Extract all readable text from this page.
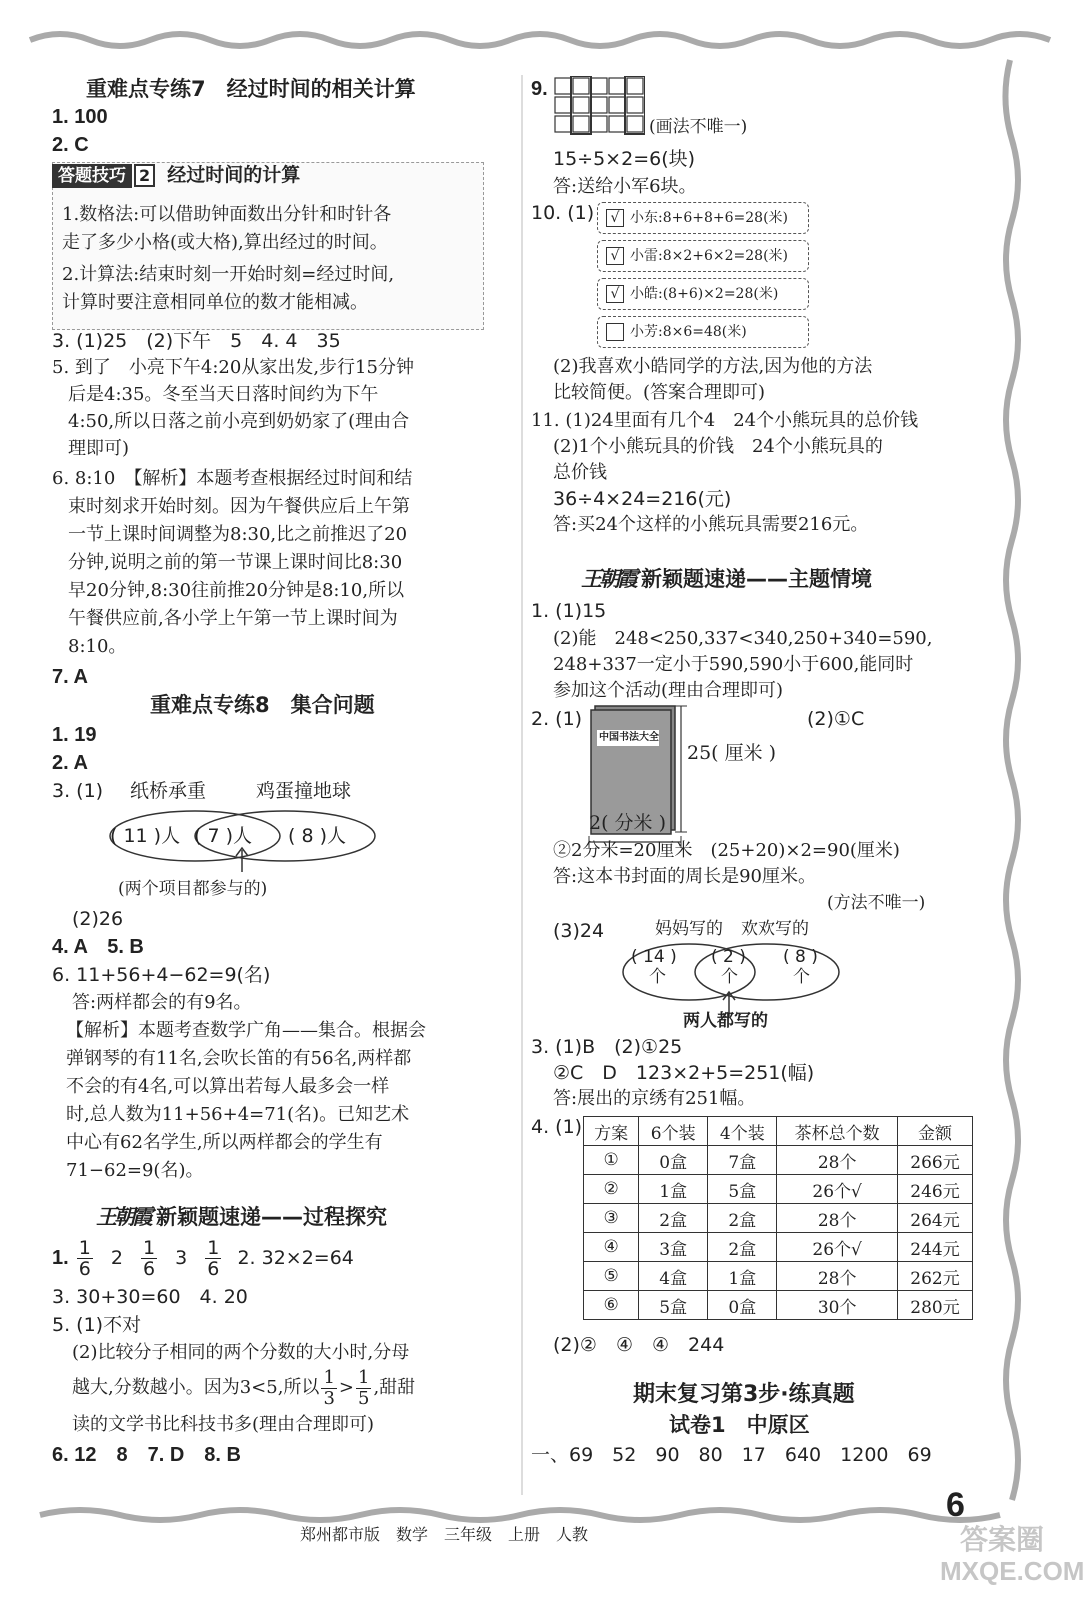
重难点专练7　经过时间的相关计算
1. 100
2. C
答题技巧 2 经过时间的计算
1.数格法:可以借助钟面数出分针和时针各
走了多少小格(或大格),算出经过的时间。
2.计算法:结束时刻一开始时刻=经过时间,
计算时要注意相同单位的数才能相减。
3. (1)25　(2)下午　5　4. 4　35
5. 到了　小亮下午4:20从家出发,步行15分钟
后是4:35。冬至当天日落时间约为下午
4:50,所以日落之前小亮到奶奶家了(理由合
理即可)
6. 8:10　【解析】本题考查根据经过时间和结
束时刻求开始时刻。因为午餐供应后上午第
一节上课时间调整为8:30,比之前推迟了20
分钟,说明之前的第一节课上课时间比8:30
早20分钟,8:30往前推20分钟是8:10,所以
午餐供应前,各小学上午第一节上课时间为
8:10。
7. A
重难点专练8　集合问题
1. 19
2. A
3. (1) 纸桥承重	鸡蛋撞地球
( 11 )人 ( 7 )人 ( 8 )人
(两个项目都参与的)
(2)26
4. A　5. B
6. 11+56+4−62=9(名)
答:两样都会的有9名。
【解析】本题考查数学广角——集合。根据会
弹钢琴的有11名,会吹长笛的有56名,两样都
不会的有4名,可以算出若每人最多会一样
时,总人数为11+56+4=71(名)。已知艺术
中心有62名学生,所以两样都会的学生有
71−62=9(名)。
王朝霞 新颖题速递——过程探究
1. $\frac{1}{6} 2 \frac{1}{6} 3 \frac{1}{6} 2$. 32×2=64
3. 30+30=60　4. 20
5. (1)不对
(2)比较分子相同的两个分数的大小时,分母
越大,分数越小。因为3<5,所以 $\frac{1}{3} > \frac{1}{5}$ ,甜甜
读的文学书比科技书多(理由合理即可)
6. 12　8　7. D　8. B
9.
(画法不唯一)
15÷5×2=6(块)
答:送给小军6块。
10. (1)	√ 小东:8+6+8+6=28(米)
√ 小雷:8×2+6×2=28(米)
√ 小皓:(8+6)×2=28(米)
小芳:8×6=48(米)
(2)我喜欢小皓同学的方法,因为他的方法
比较简便。(答案合理即可)
11. (1)24里面有几个4　24个小熊玩具的总价钱
(2)1个小熊玩具的价钱　24个小熊玩具的
总价钱
36÷4×24=216(元)
答:买24个这样的小熊玩具需要216元。
王朝霞 新颖题速递——主题情境
1. (1)15
(2)能　248<250,337<340,250+340=590,
248+337一定小于590,590小于600,能同时
参加这个活动(理由合理即可)
2. (1)
中国书法大全
25( 厘米 )
2( 分米 )
(2)①C
②2分米=20厘米　(25+20)×2=90(厘米)
答:这本书封面的周长是90厘米。
(方法不唯一)
(3)24	妈妈写的 欢欢写的
( 14 )
个
( 2 )
个
( 8 )
个
两人都写的
3. (1)B　(2)①25
②C　D　123×2+5=251(幅)
答:展出的京绣有251幅。
4. (1) 方案	6个装	4个装	茶杯总个数	金额
①	0盒	7盒	28个	266元
②	1盒	5盒	26个√	246元
③	2盒	2盒	28个	264元
④	3盒	2盒	26个√	244元
⑤	4盒	1盒	28个	262元
⑥	5盒	0盒	30个	280元
(2)②　④　④　244
期末复习第3步·练真题
试卷1　中原区
一、69　52　90　80　17　640　1200　69
郑州都市版　数学　三年级　上册　人教
6
答案圈
MXQE.COM
